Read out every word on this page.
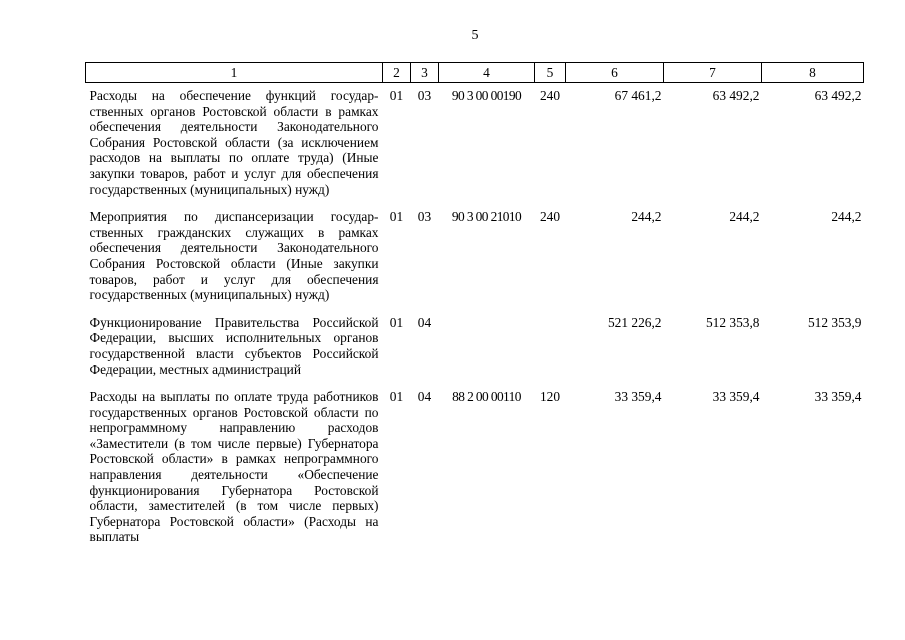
5
1	2	3	4	5	6	7	8
Расходы на обеспечение функций государственных органов Ростовской области в рамках обеспечения деятельности Законодательного Собрания Ростовской области (за исключением расходов на выплаты по оплате труда) (Иные закупки товаров, работ и услуг для обеспечения государственных (муниципальных) нужд)	01	03	90 3 00 00190	240	67 461,2	63 492,2	63 492,2
Мероприятия по диспансеризации государственных гражданских служащих в рамках обеспечения деятельности Законодательного Собрания Ростовской области (Иные закупки товаров, работ и услуг для обеспечения государственных (муниципальных) нужд)	01	03	90 3 00 21010	240	244,2	244,2	244,2
Функционирование Правительства Российской Федерации, высших исполнительных органов государственной власти субъектов Российской Федерации, местных администраций	01	04			521 226,2	512 353,8	512 353,9
Расходы на выплаты по оплате труда работников государственных органов Ростовской области по непрограммному направлению расходов «Заместители (в том числе первые) Губернатора Ростовской области» в рамках непрограммного направления деятельности «Обеспечение функционирования Губернатора Ростовской области, заместителей (в том числе первых) Губернатора Ростовской области» (Расходы на выплаты	01	04	88 2 00 00110	120	33 359,4	33 359,4	33 359,4
